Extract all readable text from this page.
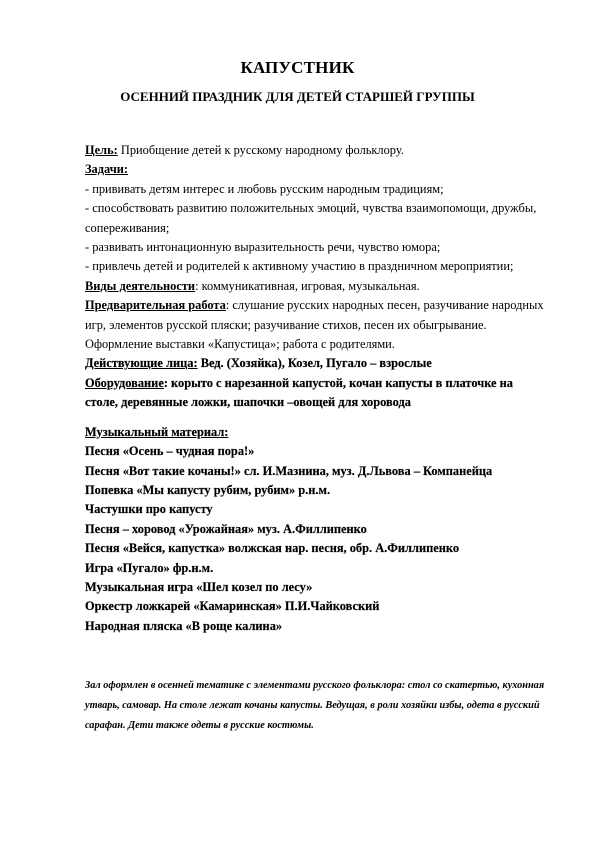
КАПУСТНИК
ОСЕННИЙ ПРАЗДНИК ДЛЯ ДЕТЕЙ СТАРШЕЙ ГРУППЫ

Цель: Приобщение детей к русскому народному фольклору.

Задачи:

- прививать детям интерес и любовь русским народным традициям;

- способствовать развитию положительных эмоций, чувства взаимопомощи, дружбы, сопереживания;

- развивать интонационную выразительность речи, чувство юмора;

- привлечь детей и родителей к активному участию в праздничном мероприятии;

Виды деятельности: коммуникативная, игровая, музыкальная.

Предварительная работа: слушание русских народных песен, разучивание народных игр, элементов русской пляски; разучивание стихов, песен их обыгрывание. Оформление выставки «Капустица»; работа с родителями.

Действующие лица: Вед. (Хозяйка), Козел, Пугало – взрослые

Оборудование: корыто с нарезанной капустой, кочан капусты в платочке на столе, деревянные ложки, шапочки –овощей для хоровода

Музыкальный материал:

Песня «Осень – чудная пора!»

Песня «Вот такие кочаны!» сл. И.Мазнина, муз. Д.Львова – Компанейца

Попевка «Мы капусту рубим, рубим» р.н.м.

Частушки про капусту

Песня – хоровод «Урожайная» муз. А.Филлипенко

Песня «Вейся, капустка» волжская нар. песня, обр. А.Филлипенко

Игра «Пугало» фр.н.м.

Музыкальная игра «Шел козел по лесу»

Оркестр ложкарей «Камаринская» П.И.Чайковский

Народная пляска «В роще калина»

Зал оформлен в осенней тематике с элементами русского фольклора: стол со скатертью, кухонная утварь, самовар. На столе лежат кочаны капусты. Ведущая, в роли хозяйки избы, одета в русский сарафан. Дети также одеты в русские костюмы.
